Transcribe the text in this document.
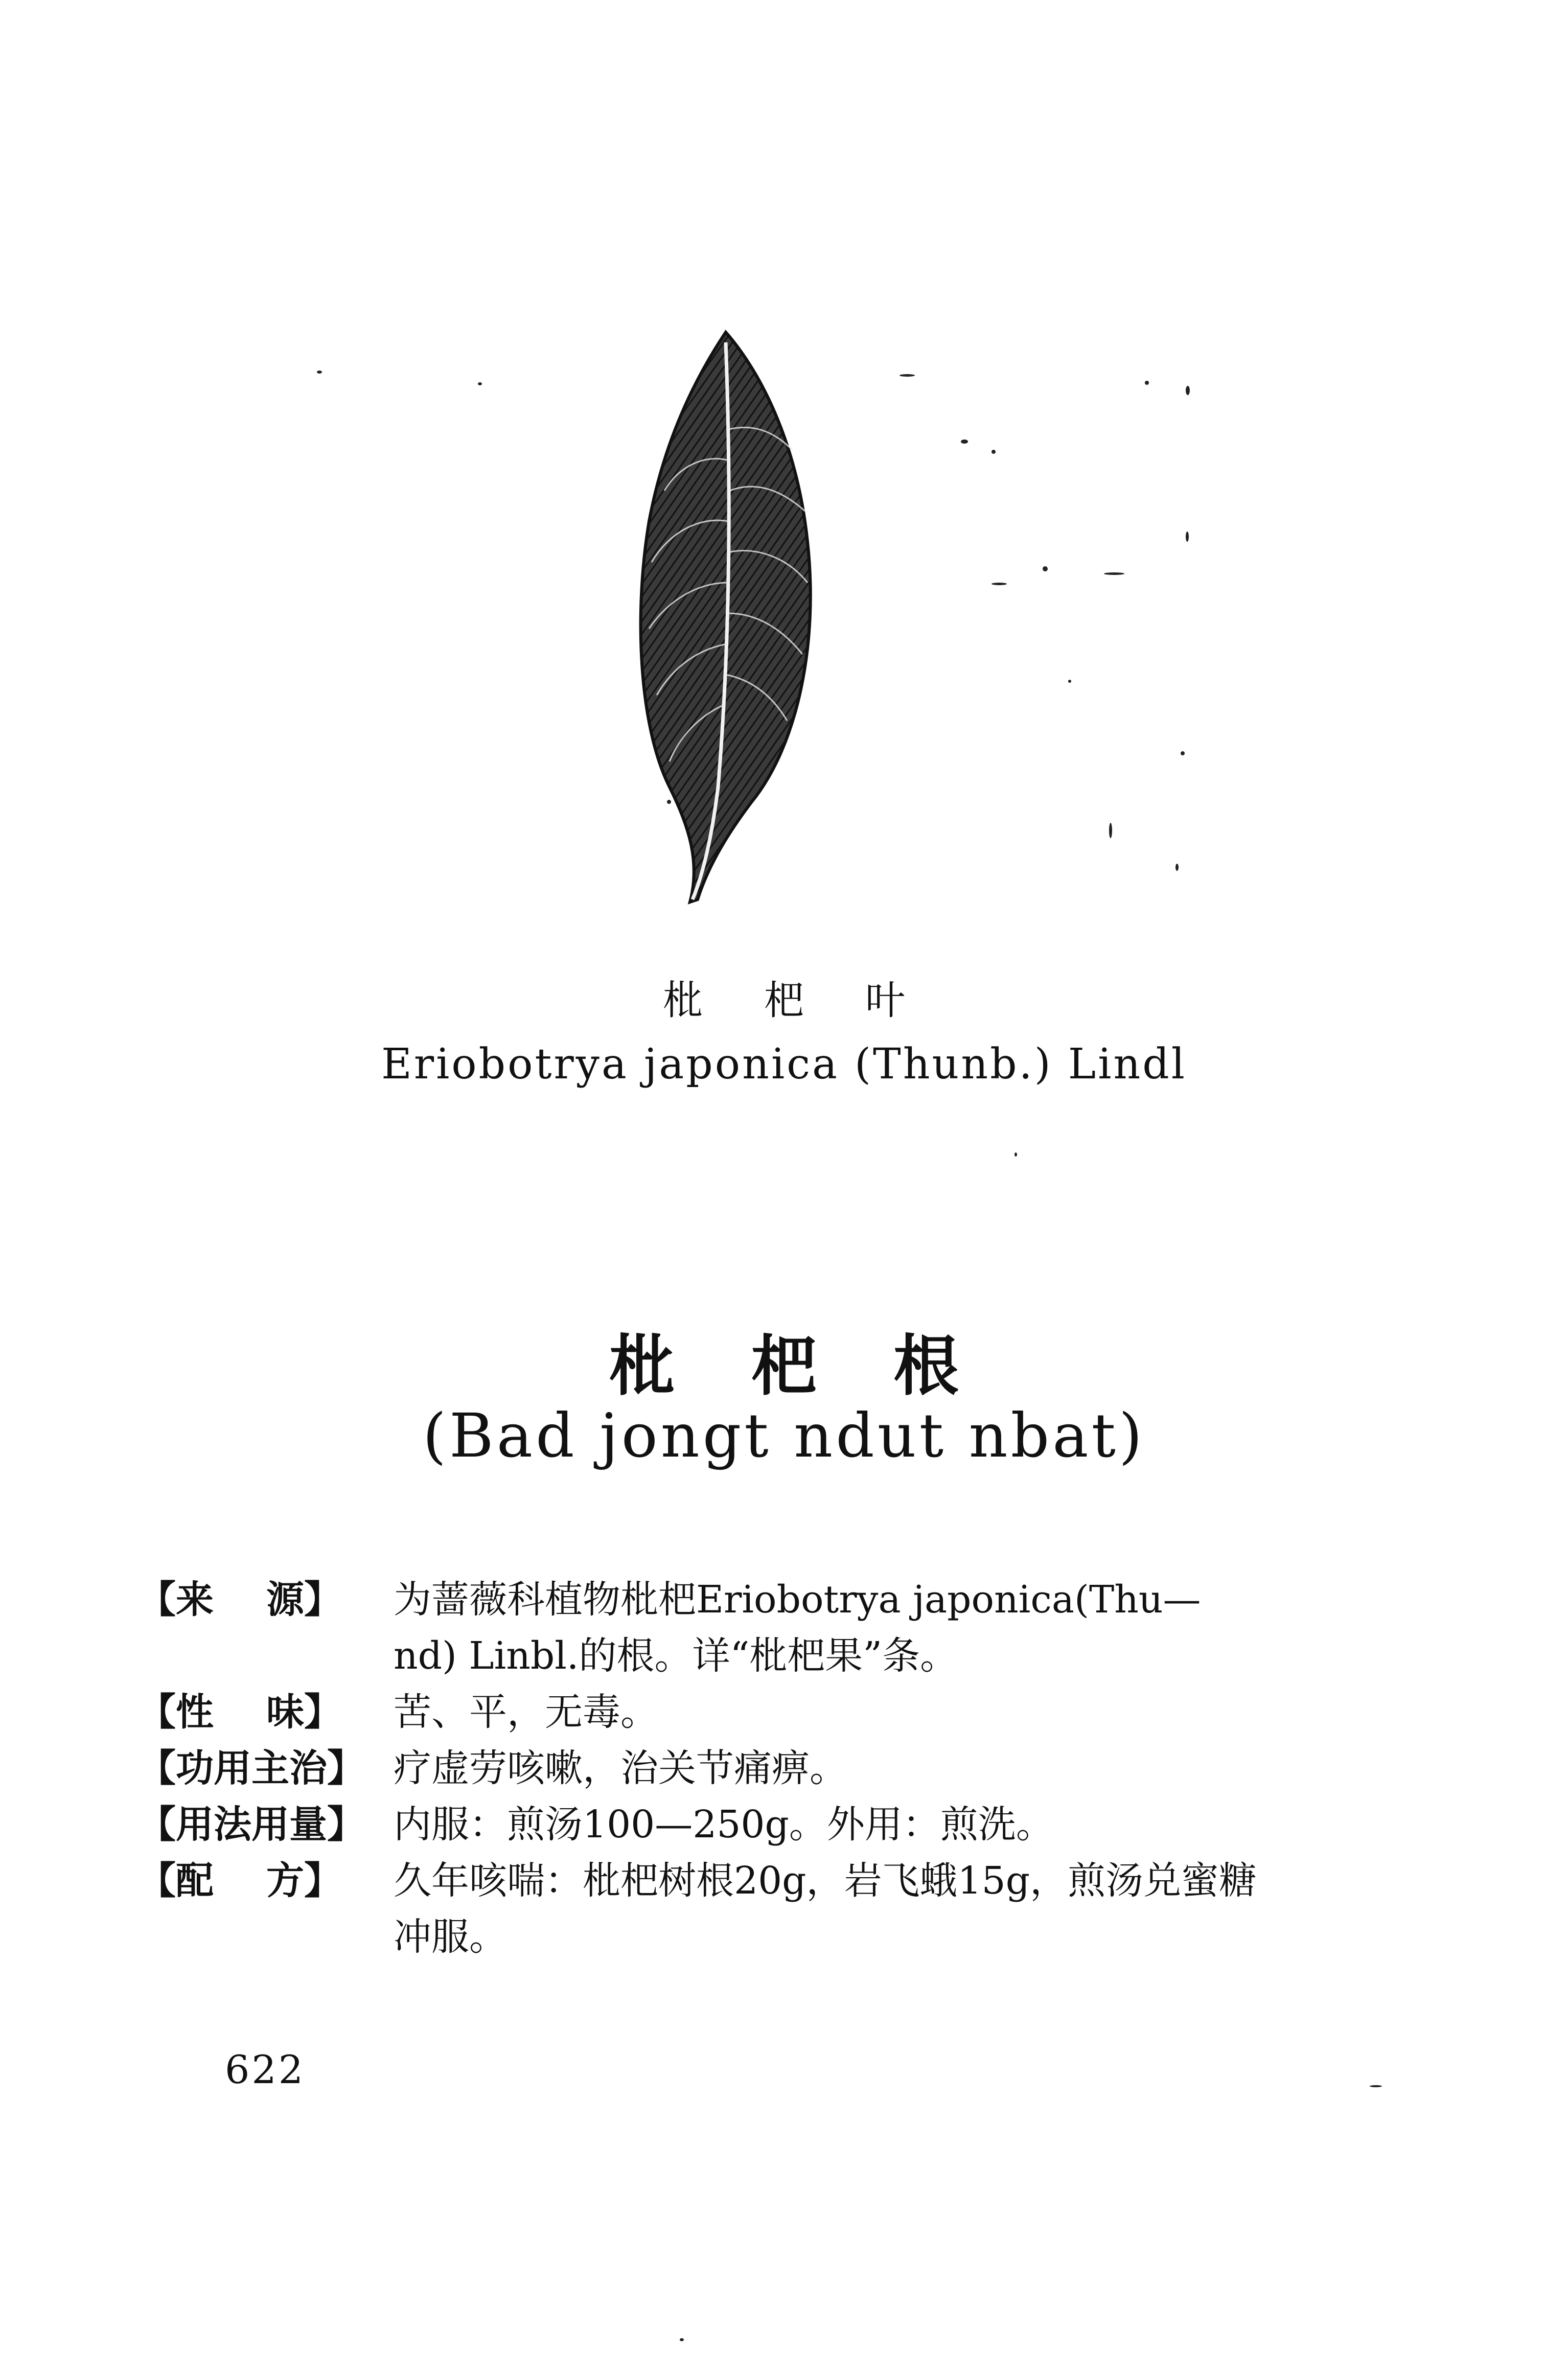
枇杷叶
Eriobotrya japonica (Thunb.) Lindl
枇杷根
(Bad jongt ndut nbat)
【来    源】	为蔷薇科植物枇杷Eriobotrya japonica(Thu—
nd) Linbl.的根。详“枇杷果”条。
【性    味】	苦、平，无毒。
【功用主治】 疗虚劳咳嗽，治关节痛痹。
【用法用量】 内服：煎汤100—250g。外用：煎洗。
【配    方】	久年咳喘：枇杷树根20g，岩飞蛾15g，煎汤兑蜜糖
冲服。
622
